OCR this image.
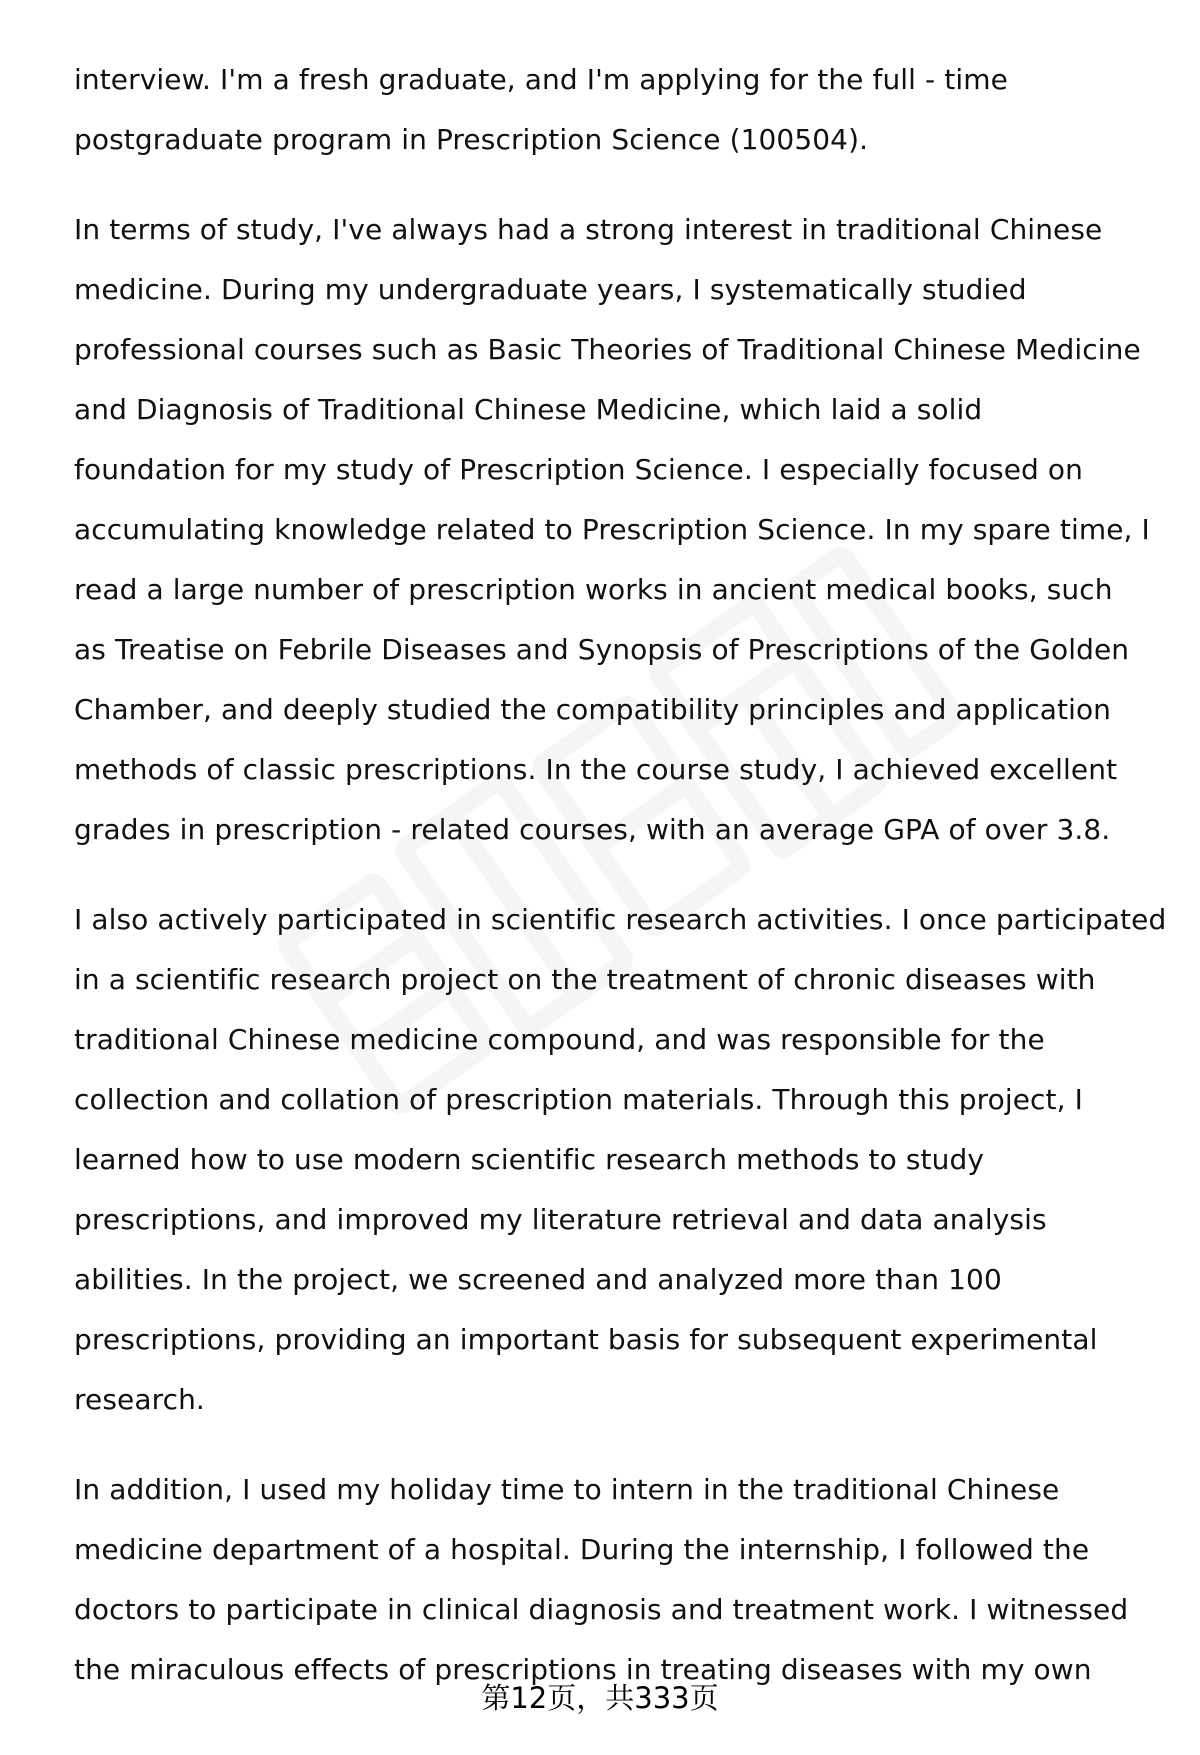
interview. I'm a fresh graduate, and I'm applying for the full - time
postgraduate program in Prescription Science (100504).

In terms of study, I've always had a strong interest in traditional Chinese
medicine. During my undergraduate years, I systematically studied
professional courses such as Basic Theories of Traditional Chinese Medicine
and Diagnosis of Traditional Chinese Medicine, which laid a solid
foundation for my study of Prescription Science. I especially focused on
accumulating knowledge related to Prescription Science. In my spare time, I
read a large number of prescription works in ancient medical books, such
as Treatise on Febrile Diseases and Synopsis of Prescriptions of the Golden
Chamber, and deeply studied the compatibility principles and application
methods of classic prescriptions. In the course study, I achieved excellent
grades in prescription - related courses, with an average GPA of over 3.8.

I also actively participated in scientific research activities. I once participated
in a scientific research project on the treatment of chronic diseases with
traditional Chinese medicine compound, and was responsible for the
collection and collation of prescription materials. Through this project, I
learned how to use modern scientific research methods to study
prescriptions, and improved my literature retrieval and data analysis
abilities. In the project, we screened and analyzed more than 100
prescriptions, providing an important basis for subsequent experimental
research.

In addition, I used my holiday time to intern in the traditional Chinese
medicine department of a hospital. During the internship, I followed the
doctors to participate in clinical diagnosis and treatment work. I witnessed
the miraculous effects of prescriptions in treating diseases with my own

第12页，共333页
